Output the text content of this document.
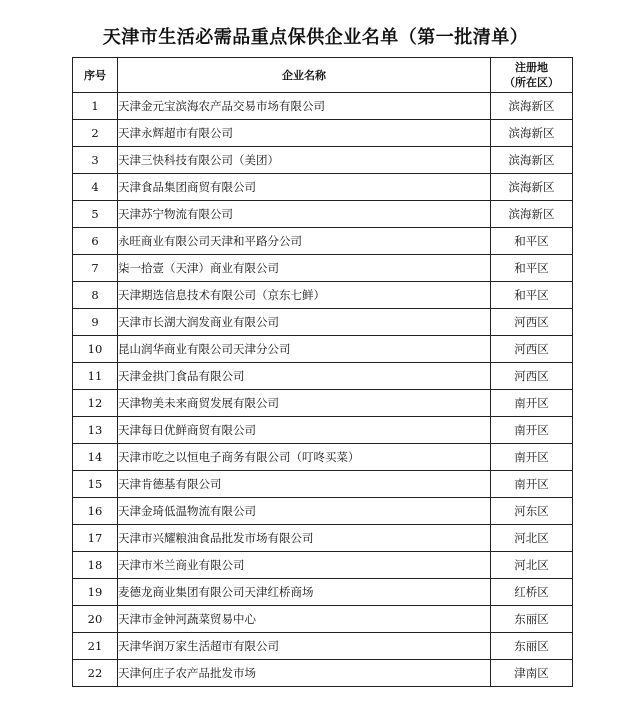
天津市生活必需品重点保供企业名单（第一批清单）
序号	企业名称	注册地
（所在区）

1	天津金元宝滨海农产品交易市场有限公司	滨海新区
2	天津永辉超市有限公司	滨海新区
3	天津三快科技有限公司（美团）	滨海新区
4	天津食品集团商贸有限公司	滨海新区
5	天津苏宁物流有限公司	滨海新区
6	永旺商业有限公司天津和平路分公司	和平区
7	柒一拾壹（天津）商业有限公司	和平区
8	天津期选信息技术有限公司（京东七鲜）	和平区
9	天津市长湖大润发商业有限公司	河西区
10	昆山润华商业有限公司天津分公司	河西区
11	天津金拱门食品有限公司	河西区
12	天津物美未来商贸发展有限公司	南开区
13	天津每日优鲜商贸有限公司	南开区
14	天津市吃之以恒电子商务有限公司（叮咚买菜）	南开区
15	天津肯德基有限公司	南开区
16	天津金琦低温物流有限公司	河东区
17	天津市兴耀粮油食品批发市场有限公司	河北区
18	天津市米兰商业有限公司	河北区
19	麦德龙商业集团有限公司天津红桥商场	红桥区
20	天津市金钟河蔬菜贸易中心	东丽区
21	天津华润万家生活超市有限公司	东丽区
22	天津何庄子农产品批发市场	津南区
